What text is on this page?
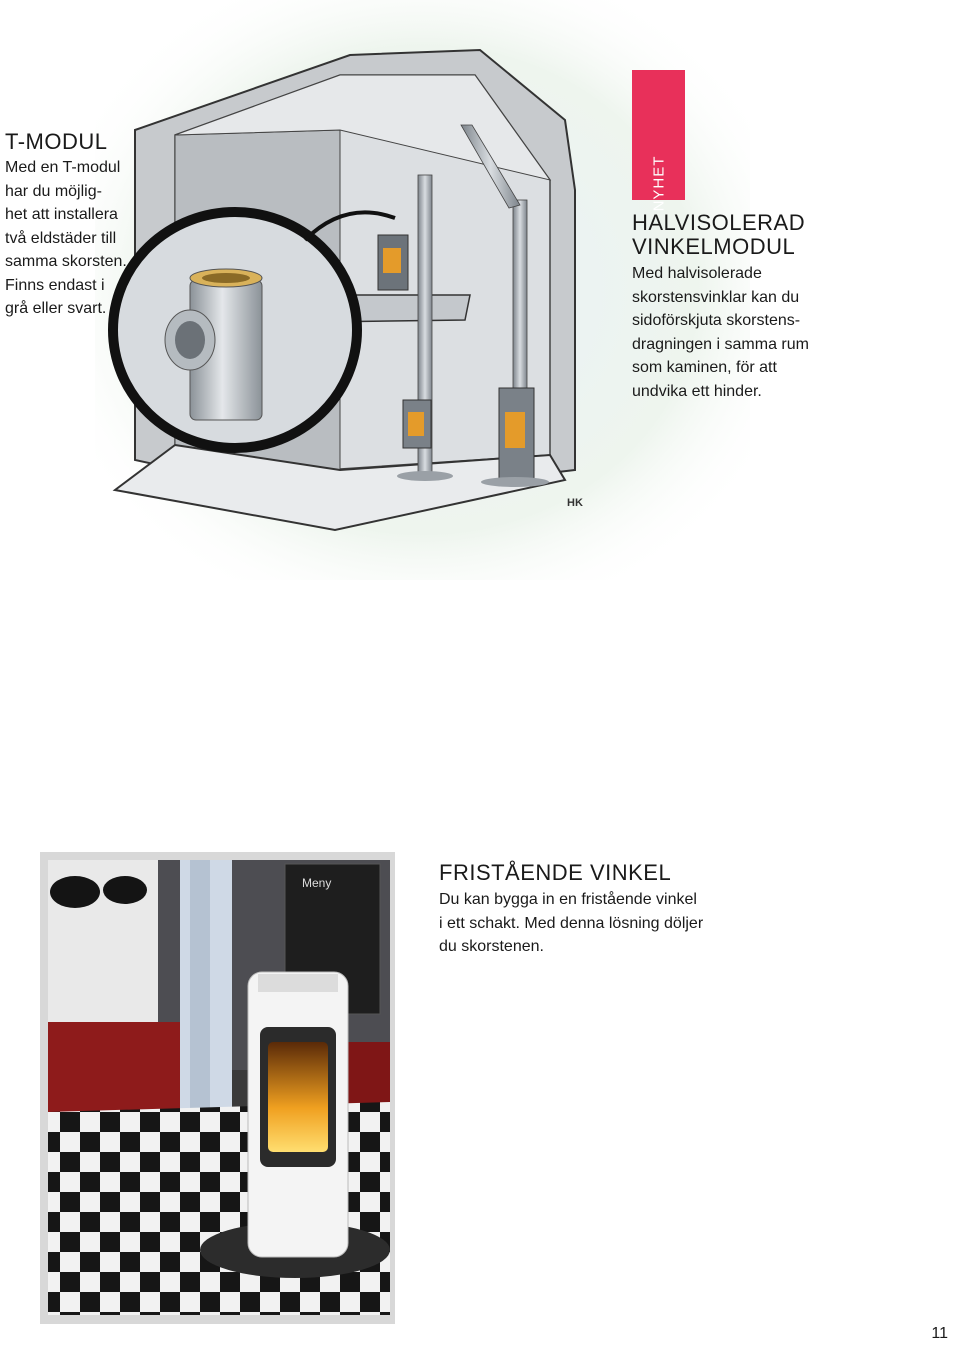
HK
T-MODUL
Med en T-modul
har du möjlig-
het att installera
två eldstäder till
samma skorsten.
Finns endast i
grå eller svart.
NYHET
HALVISOLERAD
VINKELMODUL
Med halvisolerade
skorstensvinklar kan du
sidoförskjuta skorstens-
dragningen i samma rum
som kaminen, för att
undvika ett hinder.
Meny	FRISTÅENDE VINKEL
Du kan bygga in en fristående vinkel
i ett schakt. Med denna lösning döljer
du skorstenen.
11
